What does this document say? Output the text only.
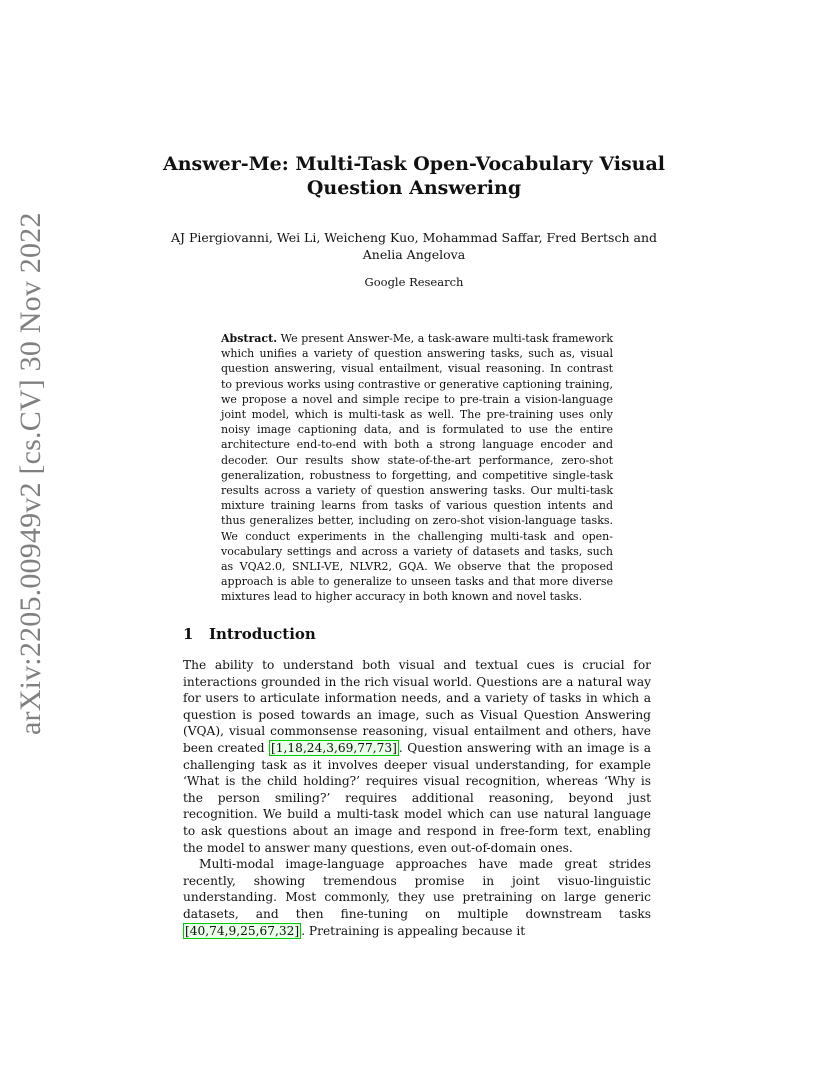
arXiv:2205.00949v2 [cs.CV] 30 Nov 2022
Answer-Me: Multi-Task Open-Vocabulary Visual Question Answering
AJ Piergiovanni, Wei Li, Weicheng Kuo, Mohammad Saffar, Fred Bertsch and Anelia Angelova
Google Research

Abstract. We present Answer-Me, a task-aware multi-task framework which unifies a variety of question answering tasks, such as, visual question answering, visual entailment, visual reasoning. In contrast to previous works using contrastive or generative captioning training, we propose a novel and simple recipe to pre-train a vision-language joint model, which is multi-task as well. The pre-training uses only noisy image captioning data, and is formulated to use the entire architecture end-to-end with both a strong language encoder and decoder. Our results show state-of-the-art performance, zero-shot generalization, robustness to forgetting, and competitive single-task results across a variety of question answering tasks. Our multi-task mixture training learns from tasks of various question intents and thus generalizes better, including on zero-shot vision-language tasks. We conduct experiments in the challenging multi-task and open-vocabulary settings and across a variety of datasets and tasks, such as VQA2.0, SNLI-VE, NLVR2, GQA. We observe that the proposed approach is able to generalize to unseen tasks and that more diverse mixtures lead to higher accuracy in both known and novel tasks.

1 Introduction

The ability to understand both visual and textual cues is crucial for interactions grounded in the rich visual world. Questions are a natural way for users to articulate information needs, and a variety of tasks in which a question is posed towards an image, such as Visual Question Answering (VQA), visual commonsense reasoning, visual entailment and others, have been created [1,18,24,3,69,77,73] . Question answering with an image is a challenging task as it involves deeper visual understanding, for example ‘What is the child holding?’ requires visual recognition, whereas ‘Why is the person smiling?’ requires additional reasoning, beyond just recognition. We build a multi-task model which can use natural language to ask questions about an image and respond in free-form text, enabling the model to answer many questions, even out-of-domain ones.

Multi-modal image-language approaches have made great strides recently, showing tremendous promise in joint visuo-linguistic understanding. Most commonly, they use pretraining on large generic datasets, and then fine-tuning on multiple downstream tasks [40,74,9,25,67,32] . Pretraining is appealing because it
